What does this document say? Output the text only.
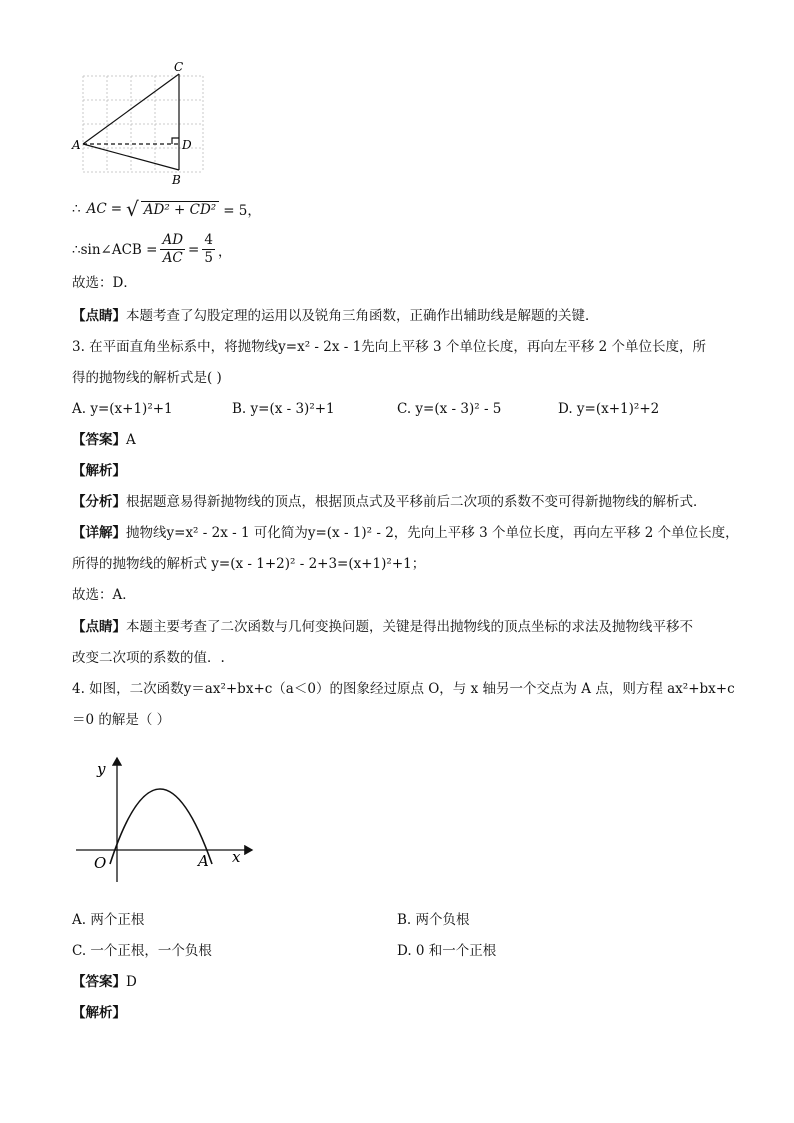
C
A	D
B
∴ AC = √ AD² + CD² = 5，
∴sin∠ACB = $\frac{AD}{AC} = \frac{4}{5}$ ，
故选：D．
【点睛】本题考查了勾股定理的运用以及锐角三角函数，正确作出辅助线是解题的关键．
3. 在平面直角坐标系中，将抛物线y=x² - 2x - 1先向上平移 3 个单位长度，再向左平移 2 个单位长度，所
得的抛物线的解析式是( )
A. y=(x+1)²+1	B. y=(x - 3)²+1	C. y=(x - 3)² - 5	D. y=(x+1)²+2
【答案】A
【解析】
【分析】根据题意易得新抛物线的顶点，根据顶点式及平移前后二次项的系数不变可得新抛物线的解析式．
【详解】抛物线y=x² - 2x - 1 可化简为y=(x - 1)² - 2，先向上平移 3 个单位长度，再向左平移 2 个单位长度，
所得的抛物线的解析式 y=(x - 1+2)² - 2+3=(x+1)²+1；
故选：A．
【点睛】本题主要考查了二次函数与几何变换问题，关键是得出抛物线的顶点坐标的求法及抛物线平移不
改变二次项的系数的值．.
4. 如图，二次函数y＝ax²+bx+c（a＜0）的图象经过原点 O，与 x 轴另一个交点为 A 点，则方程 ax²+bx+c
＝0 的解是（ ）
y
x
O	A
A. 两个正根	B. 两个负根
C. 一个正根，一个负根	D. 0 和一个正根
【答案】D
【解析】
